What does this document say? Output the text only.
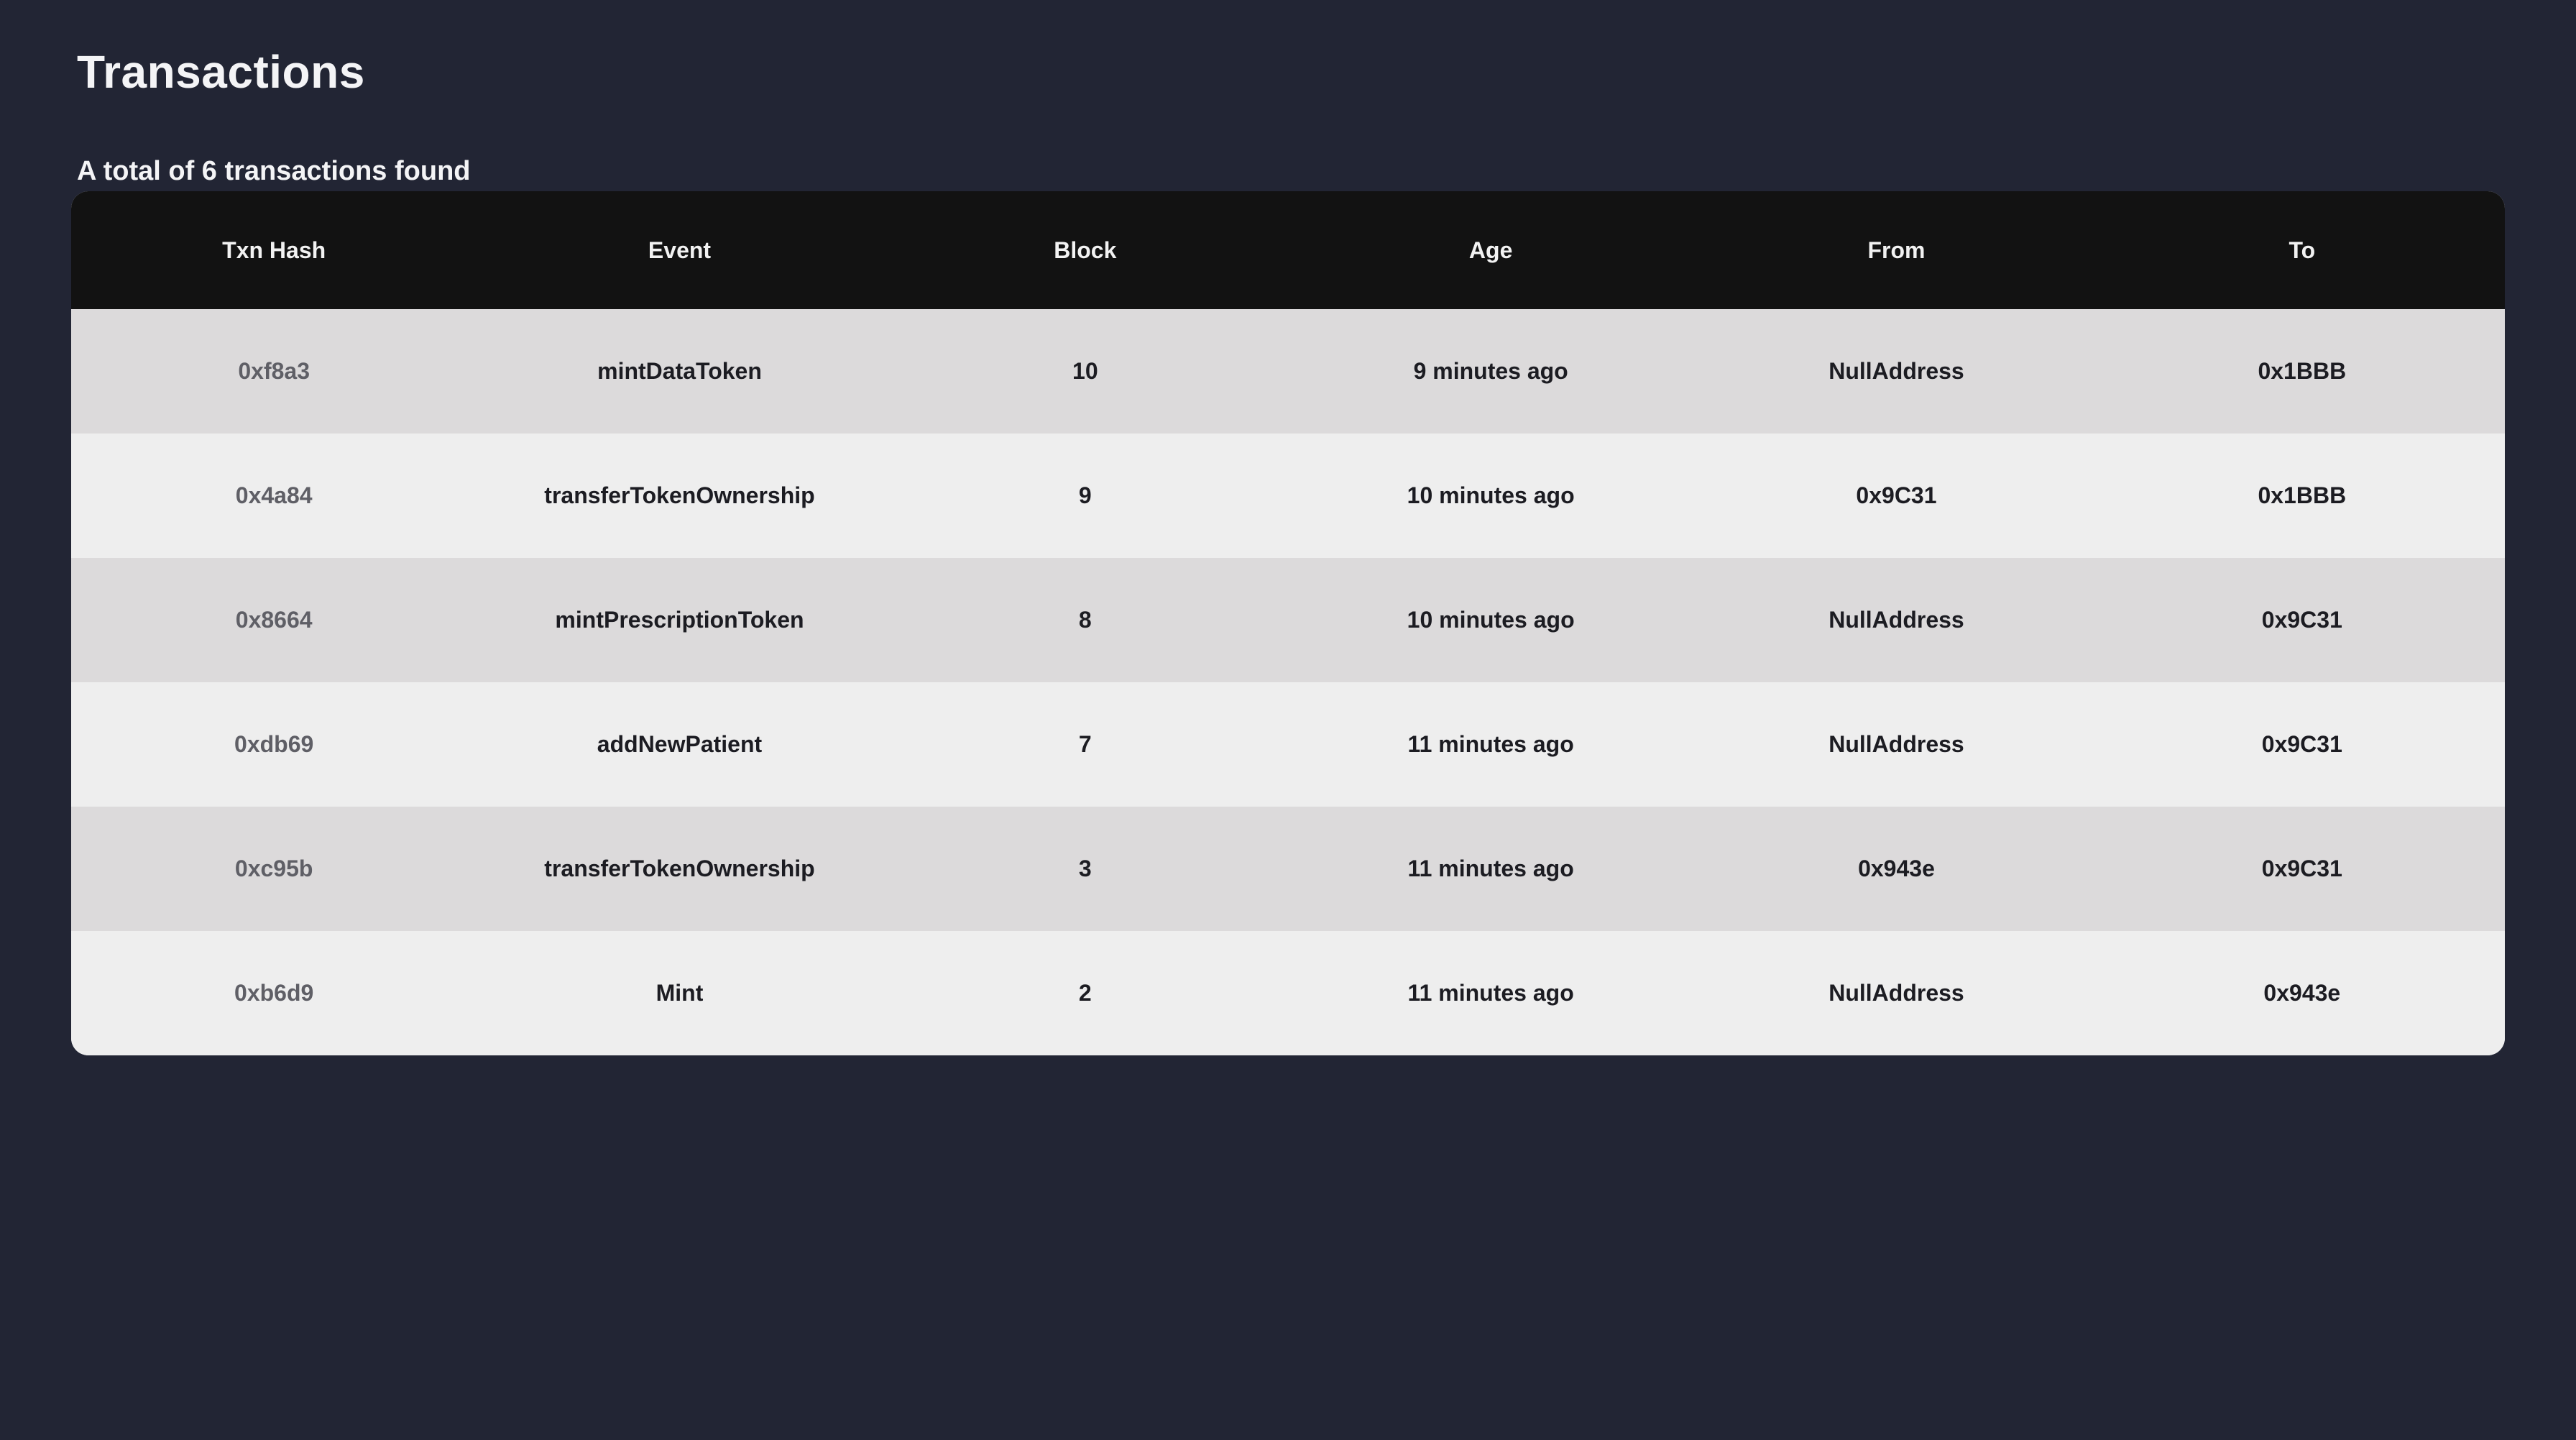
Transactions

A total of 6 transactions found

Txn Hash	Event	Block	Age	From	To
0xf8a3	mintDataToken	10	9 minutes ago	NullAddress	0x1BBB
0x4a84	transferTokenOwnership	9	10 minutes ago	0x9C31	0x1BBB
0x8664	mintPrescriptionToken	8	10 minutes ago	NullAddress	0x9C31
0xdb69	addNewPatient	7	11 minutes ago	NullAddress	0x9C31
0xc95b	transferTokenOwnership	3	11 minutes ago	0x943e	0x9C31
0xb6d9	Mint	2	11 minutes ago	NullAddress	0x943e
